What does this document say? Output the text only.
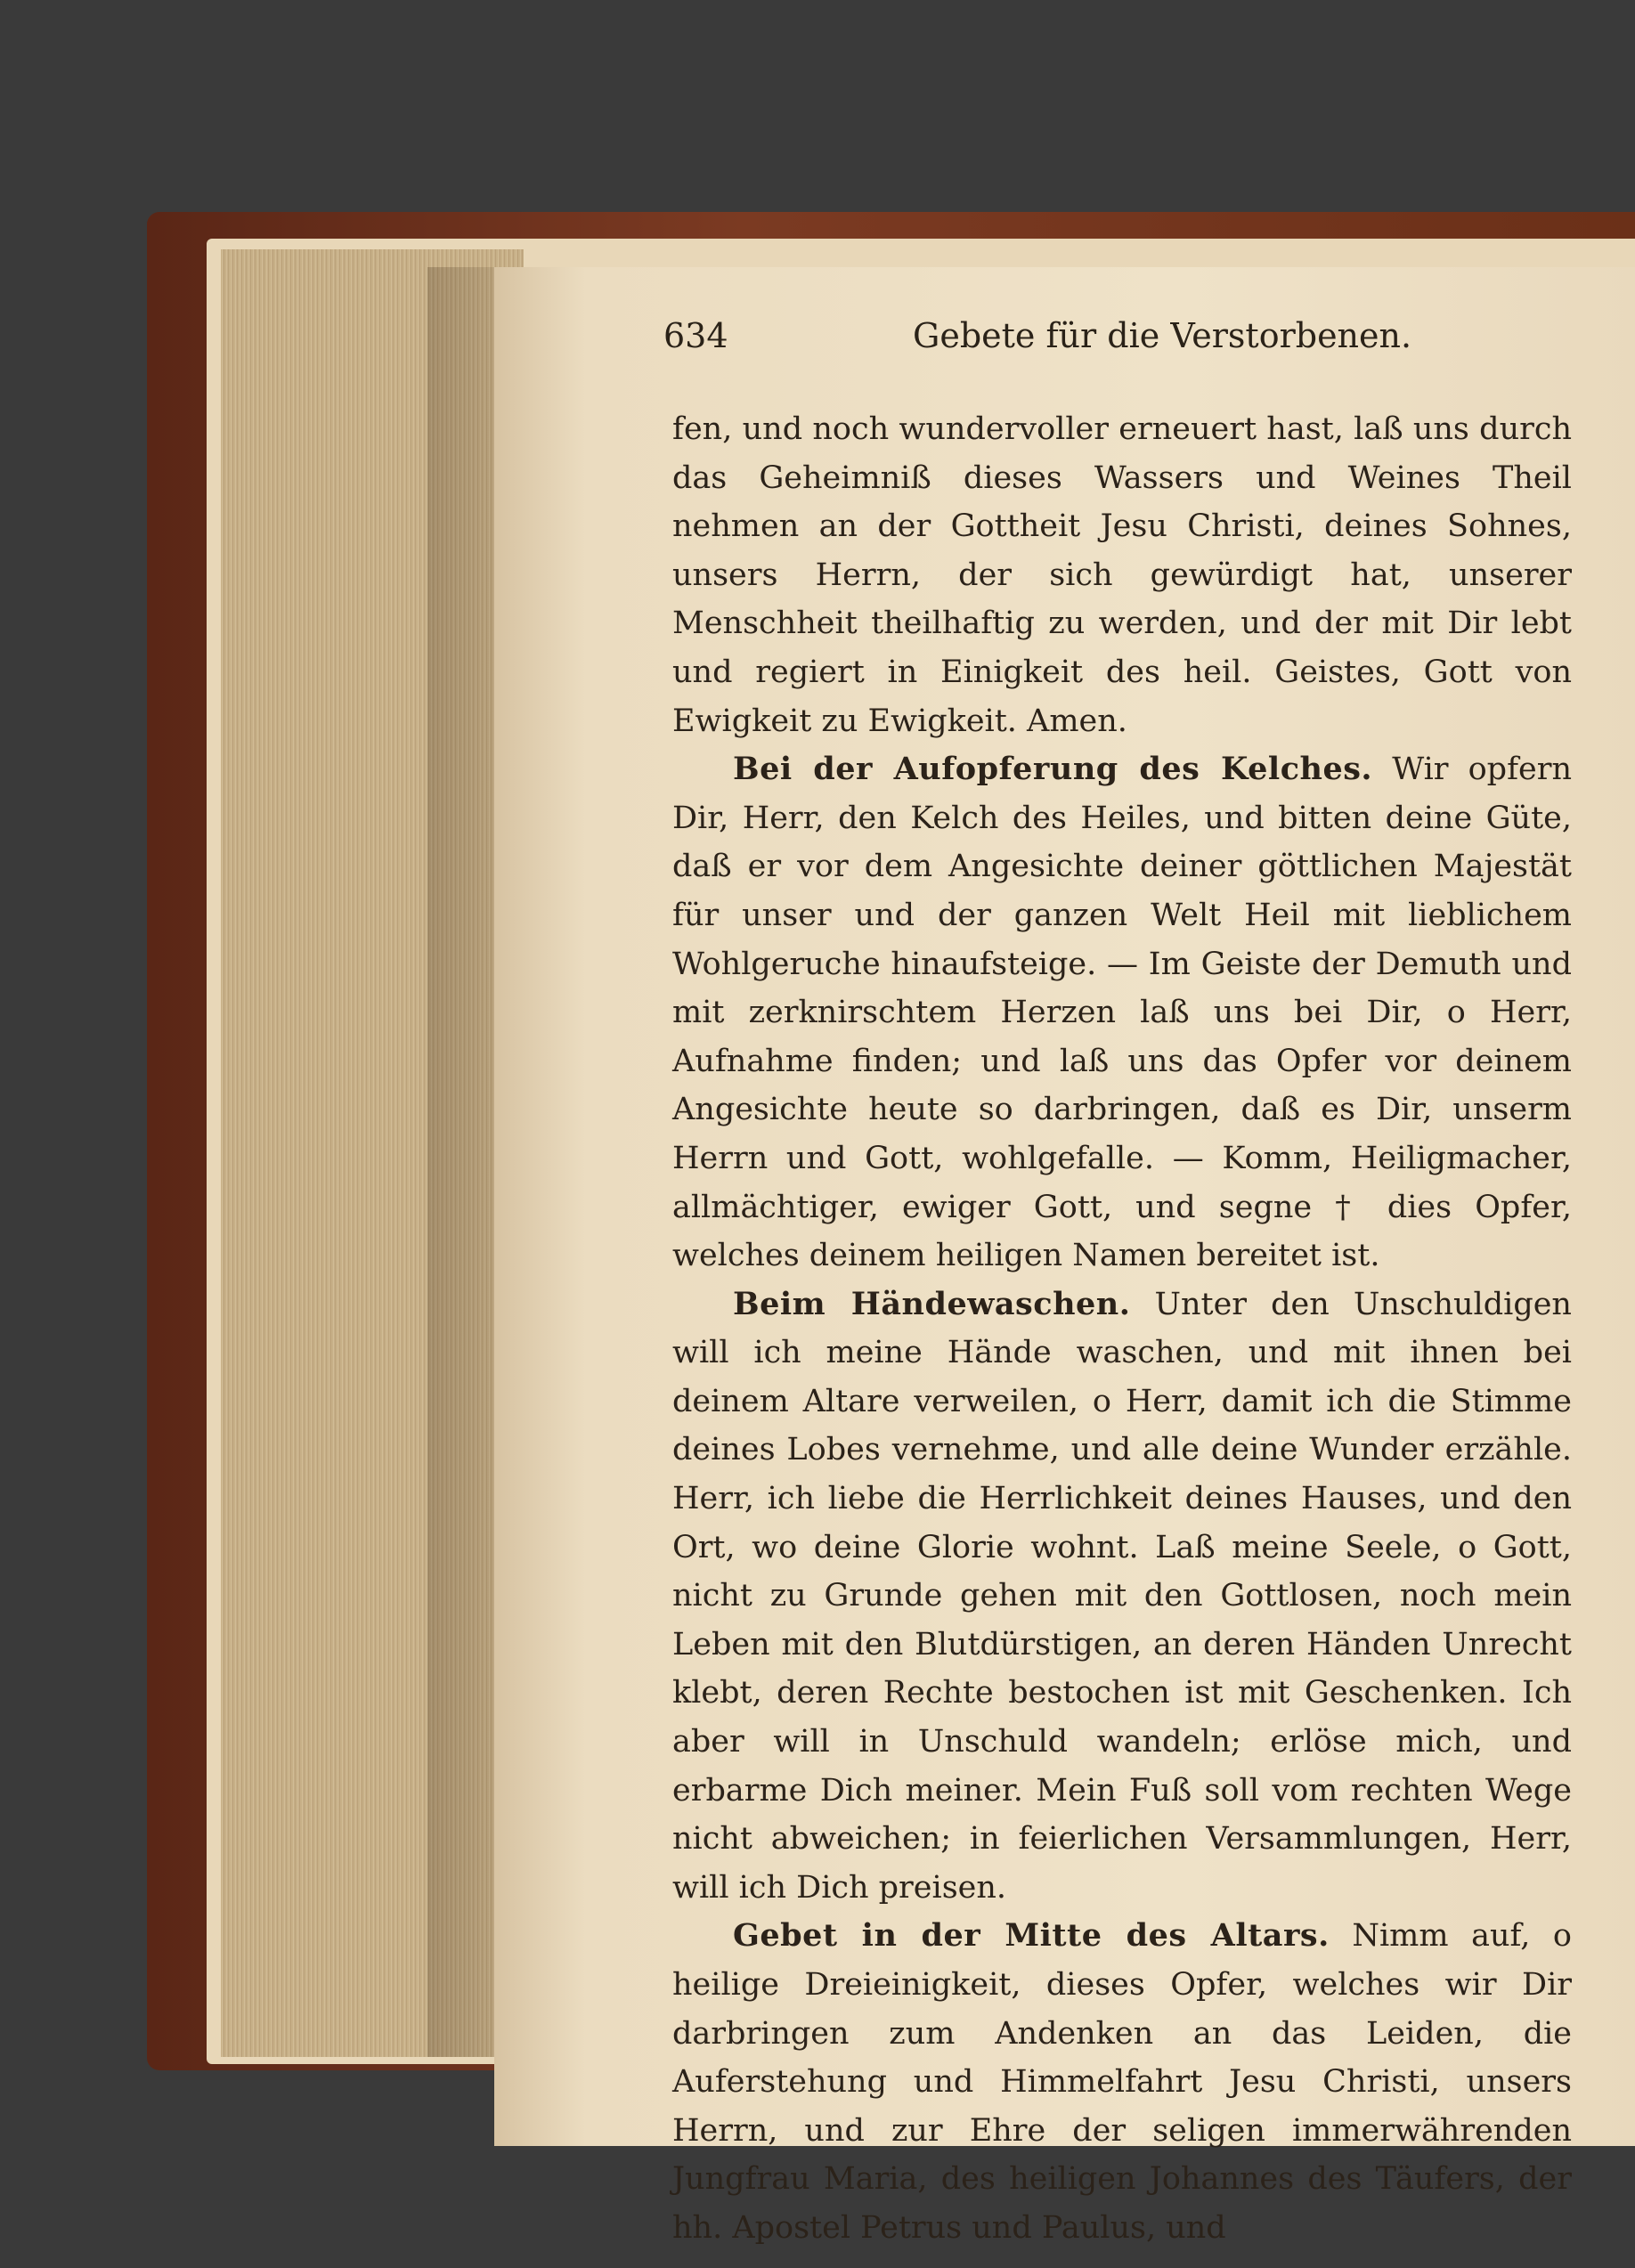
634	Gebete für die Verstorbenen.

fen, und noch wundervoller erneuert hast, laß uns durch das Geheimniß dieses Wassers und Weines Theil nehmen an der Gottheit Jesu Christi, deines Sohnes, unsers Herrn, der sich gewürdigt hat, unserer Menschheit theilhaftig zu werden, und der mit Dir lebt und regiert in Einigkeit des heil. Geistes, Gott von Ewigkeit zu Ewigkeit. Amen.

Bei der Aufopferung des Kelches. Wir opfern Dir, Herr, den Kelch des Heiles, und bitten deine Güte, daß er vor dem Angesichte deiner göttlichen Majestät für unser und der ganzen Welt Heil mit lieblichem Wohlgeruche hinaufsteige. — Im Geiste der Demuth und mit zerknirschtem Herzen laß uns bei Dir, o Herr, Aufnahme finden; und laß uns das Opfer vor deinem Angesichte heute so darbringen, daß es Dir, unserm Herrn und Gott, wohlgefalle. — Komm, Heiligmacher, allmächtiger, ewiger Gott, und segne † dies Opfer, welches deinem heiligen Namen bereitet ist.

Beim Händewaschen. Unter den Unschuldigen will ich meine Hände waschen, und mit ihnen bei deinem Altare verweilen, o Herr, damit ich die Stimme deines Lobes vernehme, und alle deine Wunder erzähle. Herr, ich liebe die Herrlichkeit deines Hauses, und den Ort, wo deine Glorie wohnt. Laß meine Seele, o Gott, nicht zu Grunde gehen mit den Gottlosen, noch mein Leben mit den Blutdürstigen, an deren Händen Unrecht klebt, deren Rechte bestochen ist mit Geschenken. Ich aber will in Unschuld wandeln; erlöse mich, und erbarme Dich meiner. Mein Fuß soll vom rechten Wege nicht abweichen; in feierlichen Versammlungen, Herr, will ich Dich preisen.

Gebet in der Mitte des Altars. Nimm auf, o heilige Dreieinigkeit, dieses Opfer, welches wir Dir darbringen zum Andenken an das Leiden, die Auferstehung und Himmelfahrt Jesu Christi, unsers Herrn, und zur Ehre der seligen immerwährenden Jungfrau Maria, des heiligen Johannes des Täufers, der hh. Apostel Petrus und Paulus, und
